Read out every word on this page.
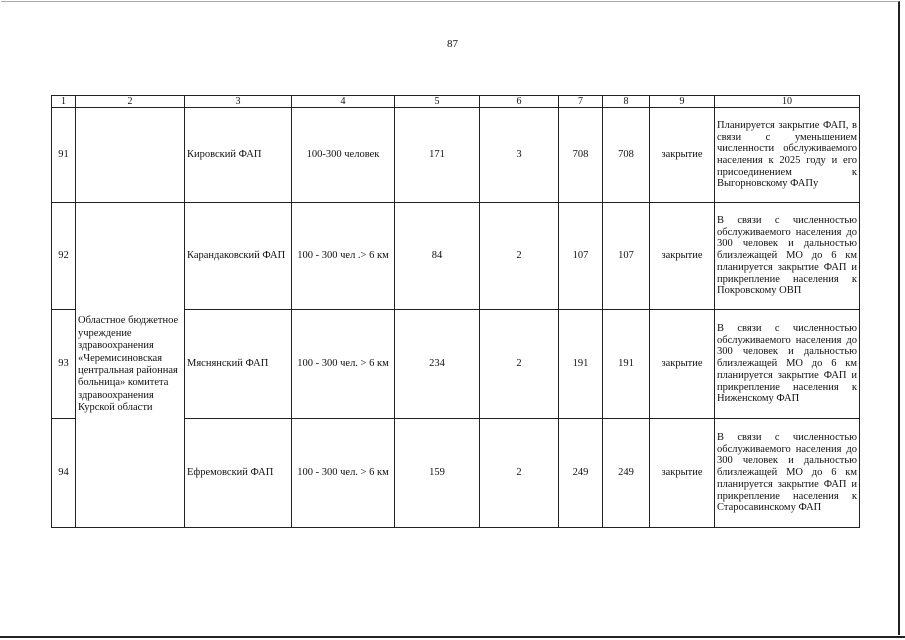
87
1	2	3	4	5	6	7	8	9	10
91		Кировский ФАП	100-300 человек	171	3	708	708	закрытие	Планируется закрытие ФАП, в связи с уменьшением численности обслуживаемого населения к 2025 году и его присоединением к Выгорновскому ФАПу
92	Областное бюджетное учреждение здравоохранения «Черемисиновская центральная районная больница» комитета здравоохранения Курской области	Карандаковский ФАП	100 - 300 чел .> 6 км	84	2	107	107	закрытие	В связи с численностью обслуживаемого населения до 300 человек и дальностью близлежащей МО до 6 км планируется закрытие ФАП и прикрепление населения к Покровскому ОВП
93		Мяснянский ФАП	100 - 300 чел. > 6 км	234	2	191	191	закрытие	В связи с численностью обслуживаемого населения до 300 человек и дальностью близлежащей МО до 6 км планируется закрытие ФАП и прикрепление населения к Ниженскому ФАП
94		Ефремовский ФАП	100 - 300 чел. > 6 км	159	2	249	249	закрытие	В связи с численностью обслуживаемого населения до 300 человек и дальностью близлежащей МО до 6 км планируется закрытие ФАП и прикрепление населения к Старосавинскому ФАП
